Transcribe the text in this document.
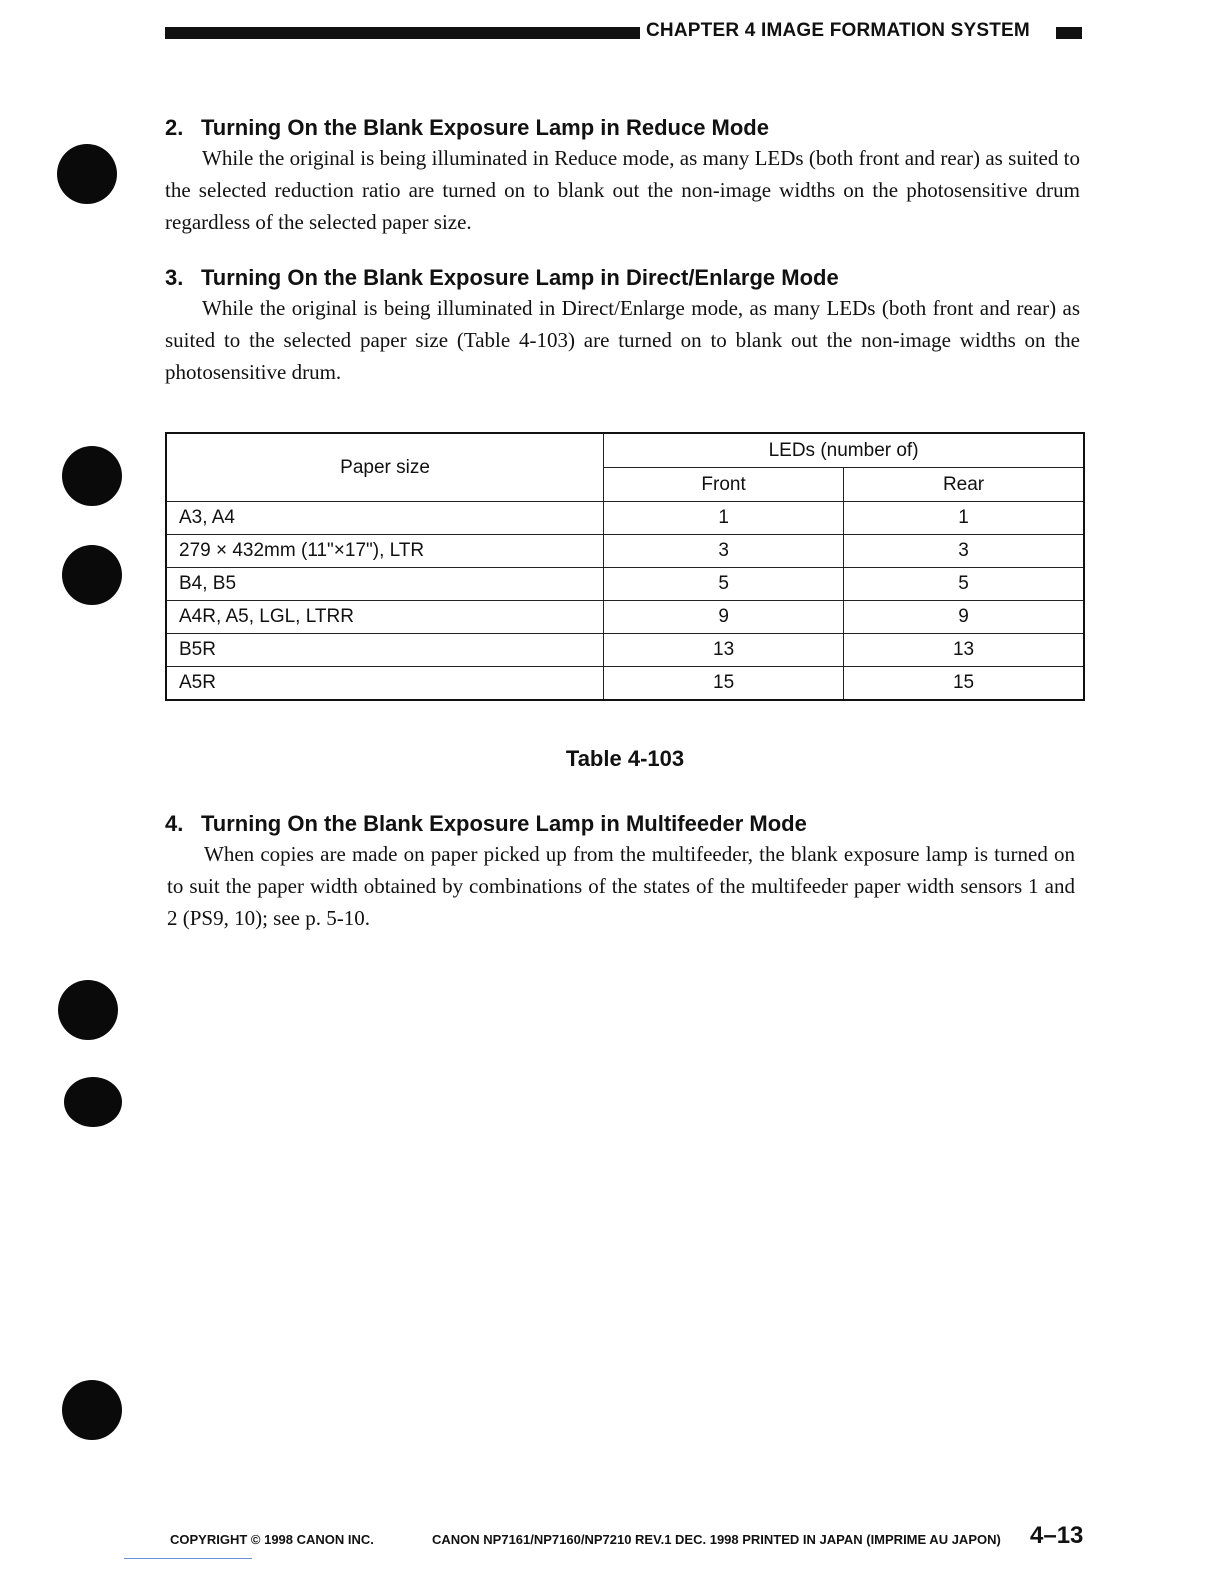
CHAPTER 4 IMAGE FORMATION SYSTEM
2. Turning On the Blank Exposure Lamp in Reduce Mode
While the original is being illuminated in Reduce mode, as many LEDs (both front and rear) as suited to the selected reduction ratio are turned on to blank out the non-image widths on the photosensitive drum regardless of the selected paper size.
3. Turning On the Blank Exposure Lamp in Direct/Enlarge Mode
While the original is being illuminated in Direct/Enlarge mode, as many LEDs (both front and rear) as suited to the selected paper size (Table 4-103) are turned on to blank out the non-image widths on the photosensitive drum.
Paper size	LEDs (number of)	
	Front	Rear
A3, A4	1	1
279 × 432mm (11"×17"), LTR	3	3
B4, B5	5	5
A4R, A5, LGL, LTRR	9	9
B5R	13	13
A5R	15	15
Table 4-103
4. Turning On the Blank Exposure Lamp in Multifeeder Mode
When copies are made on paper picked up from the multifeeder, the blank exposure lamp is turned on to suit the paper width obtained by combinations of the states of the multifeeder paper width sensors 1 and 2 (PS9, 10); see p. 5-10.
COPYRIGHT © 1998 CANON INC.	CANON NP7161/NP7160/NP7210 REV.1 DEC. 1998 PRINTED IN JAPAN (IMPRIME AU JAPON) 4–13
